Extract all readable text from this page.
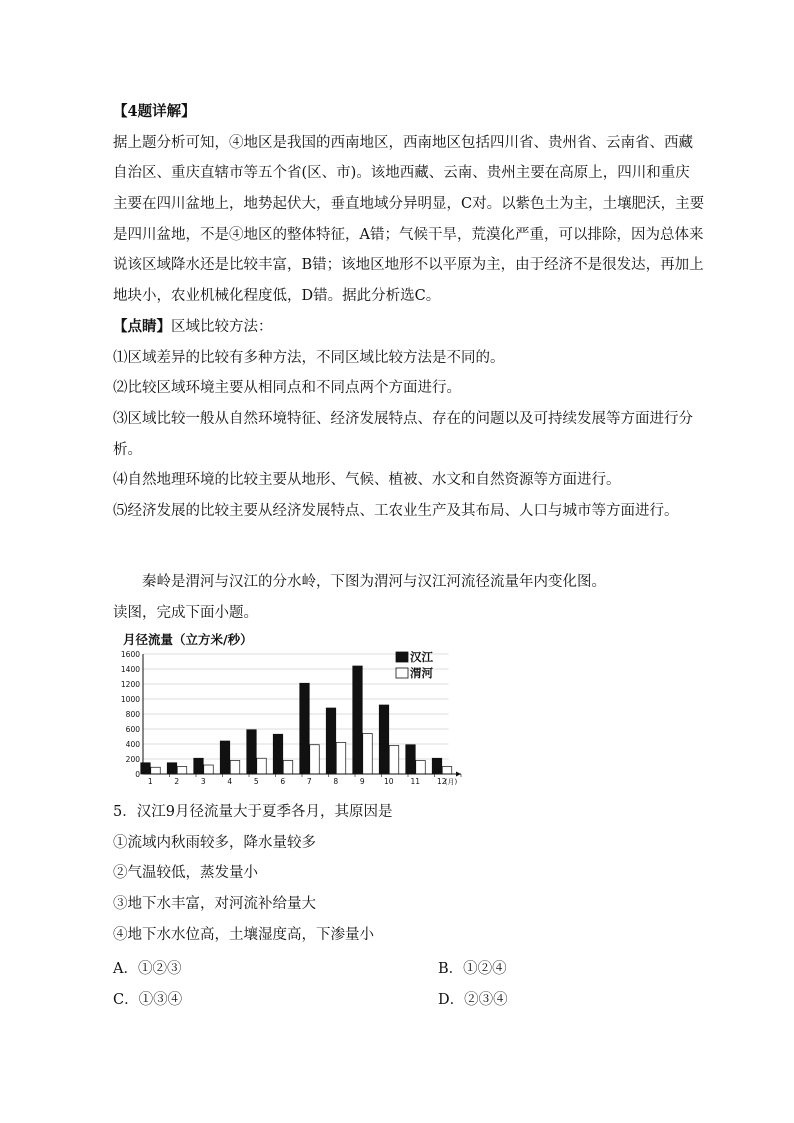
【4题详解】
据上题分析可知，④地区是我国的西南地区，西南地区包括四川省、贵州省、云南省、西藏
自治区、重庆直辖市等五个省(区、市)。该地西藏、云南、贵州主要在高原上，四川和重庆
主要在四川盆地上，地势起伏大，垂直地域分异明显，C对。以紫色土为主，土壤肥沃，主要
是四川盆地，不是④地区的整体特征，A错；气候干旱，荒漠化严重，可以排除，因为总体来
说该区域降水还是比较丰富，B错；该地区地形不以平原为主，由于经济不是很发达，再加上
地块小，农业机械化程度低，D错。据此分析选C。
【点睛】区域比较方法：
⑴区域差异的比较有多种方法，不同区域比较方法是不同的。
⑵比较区域环境主要从相同点和不同点两个方面进行。
⑶区域比较一般从自然环境特征、经济发展特点、存在的问题以及可持续发展等方面进行分
析。
⑷自然地理环境的比较主要从地形、气候、植被、水文和自然资源等方面进行。
⑸经济发展的比较主要从经济发展特点、工农业生产及其布局、人口与城市等方面进行。
秦岭是渭河与汉江的分水岭，下图为渭河与汉江河流径流量年内变化图。
读图，完成下面小题。
月径流量（立方米/秒）
0
200
400
600
800
1000
1200
1400
1600
1	2	3	4	5	6	7	8	9	10 11 12
(月)
汉江
渭河
5．汉江9月径流量大于夏季各月，其原因是
①流域内秋雨较多，降水量较多
②气温较低，蒸发量小
③地下水丰富，对河流补给量大
④地下水水位高，土壤湿度高，下渗量小
A．①②③	B．①②④
C．①③④	D．②③④
